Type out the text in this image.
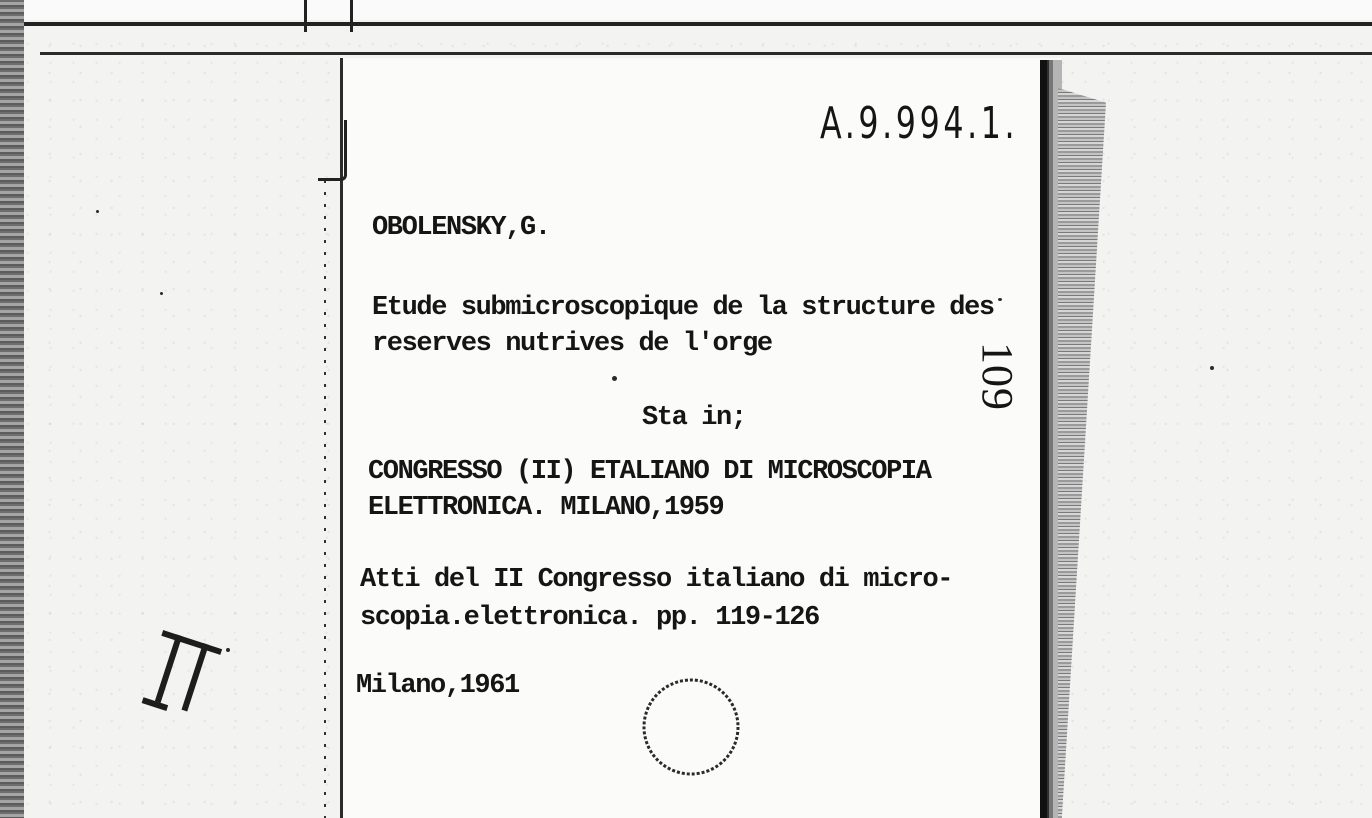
A.9.994.1.

OBOLENSKY,G.

Etude submicroscopique de la structure des

reserves nutrives de l'orge

Sta in;

CONGRESSO (II) ETALIANO DI MICROSCOPIA

ELETTRONICA. MILANO,1959

Atti del II Congresso italiano di micro-

scopia.elettronica. pp. 119-126

Milano,1961

109
